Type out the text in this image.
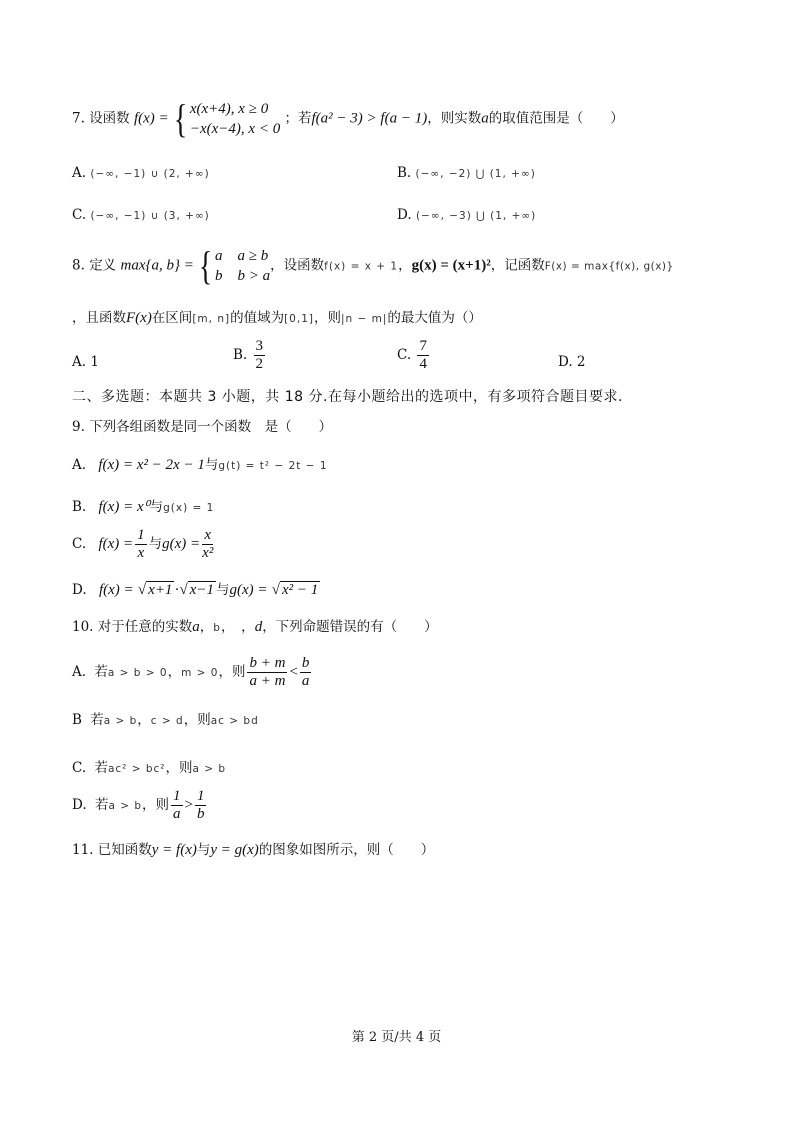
7. 设函数 f(x) = { x(x+4), x ≥ 0
−x(x−4), x < 0
；若f(a² − 3) > f(a − 1)，则实数a的取值范围是（　　）
A. (−∞, −1) ∪ (2, +∞)	B. (−∞, −2) ⋃ (1, +∞)
C. (−∞, −1) ∪ (3, +∞)	D. (−∞, −3) ⋃ (1, +∞)
8. 定义 max{a, b} = { a　a ≥ b
b　b > a
，设函数f(x) = x + 1，g(x) = (x+1)²，记函数F(x) = max{f(x), g(x)}
，且函数F(x)在区间[m, n]的值域为[0,1]，则|n − m|的最大值为（）
A. 1	B. $\frac{3}{2}$	C. $\frac{7}{4}$	D. 2
二、多选题：本题共 3 小题，共 18 分.在每小题给出的选项中，有多项符合题目要求.
9. 下列各组函数是同一个函数　是（　　）
A. f(x) = x² − 2x − 1与g(t) = t² − 2t − 1
B. f(x) = x⁰与g(x) = 1
C. $f(x) = \frac{1}{x}$ 与$g(x) = \frac{x}{\text{x²}}$
D. f(x) = √ x+1 ·√ x−1 与g(x) = √ x² − 1
10. 对于任意的实数a，b，　，d，下列命题错误的有（　　）
A. 若a > b > 0，m > 0，则 $\frac{b + m}{a + m} < \frac{b}{a}$
B 若a > b，c > d，则ac > bd
C. 若ac² > bc²，则a > b
D. 若a > b，则 $\frac{1}{a} > \frac{1}{b}$
11. 已知函数y = f(x)与y = g(x)的图象如图所示，则（　　）
第 2 页/共 4 页
